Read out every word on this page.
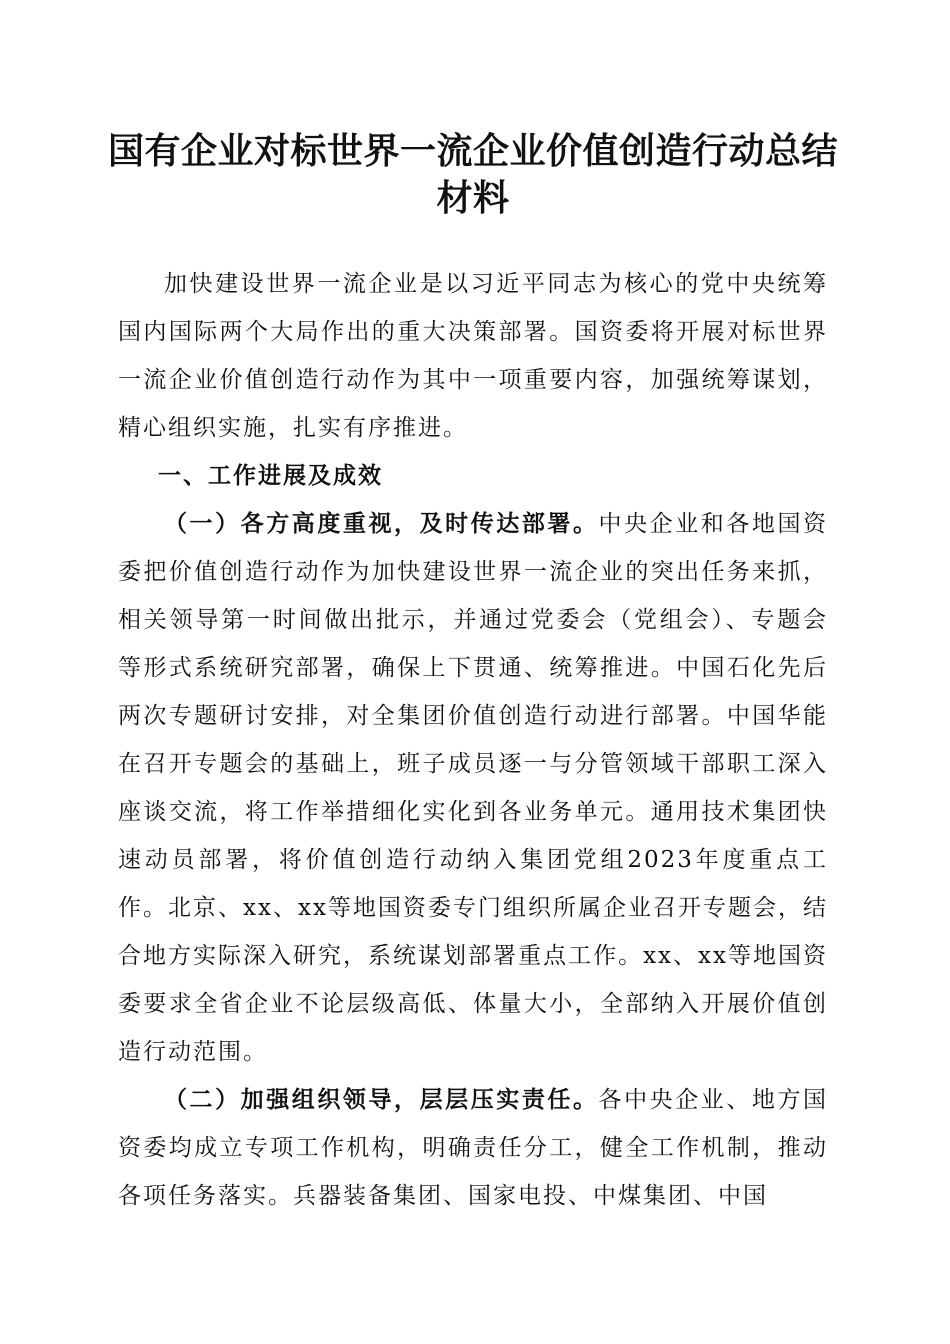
国有企业对标世界一流企业价值创造行动总结材料

加快建设世界一流企业是以习近平同志为核心的党中央统筹国内国际两个大局作出的重大决策部署。国资委将开展对标世界一流企业价值创造行动作为其中一项重要内容，加强统筹谋划，精心组织实施，扎实有序推进。

一、工作进展及成效

（一）各方高度重视，及时传达部署。中央企业和各地国资委把价值创造行动作为加快建设世界一流企业的突出任务来抓，相关领导第一时间做出批示，并通过党委会（党组会）、专题会等形式系统研究部署，确保上下贯通、统筹推进。中国石化先后两次专题研讨安排，对全集团价值创造行动进行部署。中国华能在召开专题会的基础上，班子成员逐一与分管领域干部职工深入座谈交流，将工作举措细化实化到各业务单元。通用技术集团快速动员部署，将价值创造行动纳入集团党组2023年度重点工作。北京、xx、xx等地国资委专门组织所属企业召开专题会，结合地方实际深入研究，系统谋划部署重点工作。xx、xx等地国资委要求全省企业不论层级高低、体量大小，全部纳入开展价值创造行动范围。

（二）加强组织领导，层层压实责任。各中央企业、地方国资委均成立专项工作机构，明确责任分工，健全工作机制，推动各项任务落实。兵器装备集团、国家电投、中煤集团、中国
